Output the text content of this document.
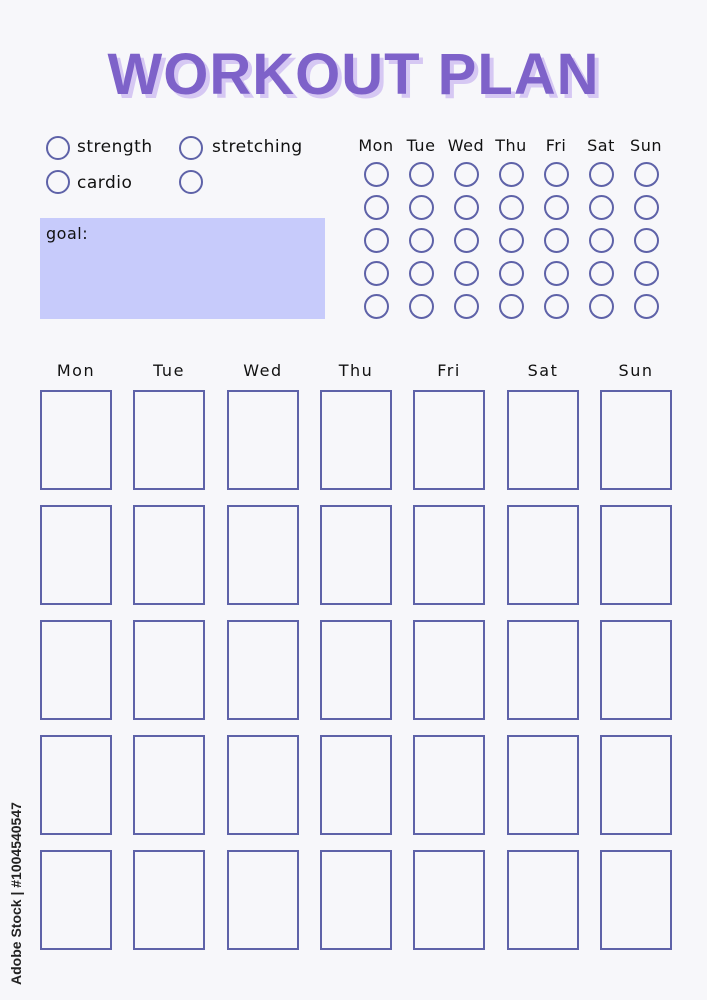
WORKOUT PLAN
strength	stretching
cardio
goal:
Mon Tue Wed Thu	Fri	Sat Sun
Mon	Tue	Wed	Thu	Fri	Sat	Sun
Adobe Stock | #1004540547
